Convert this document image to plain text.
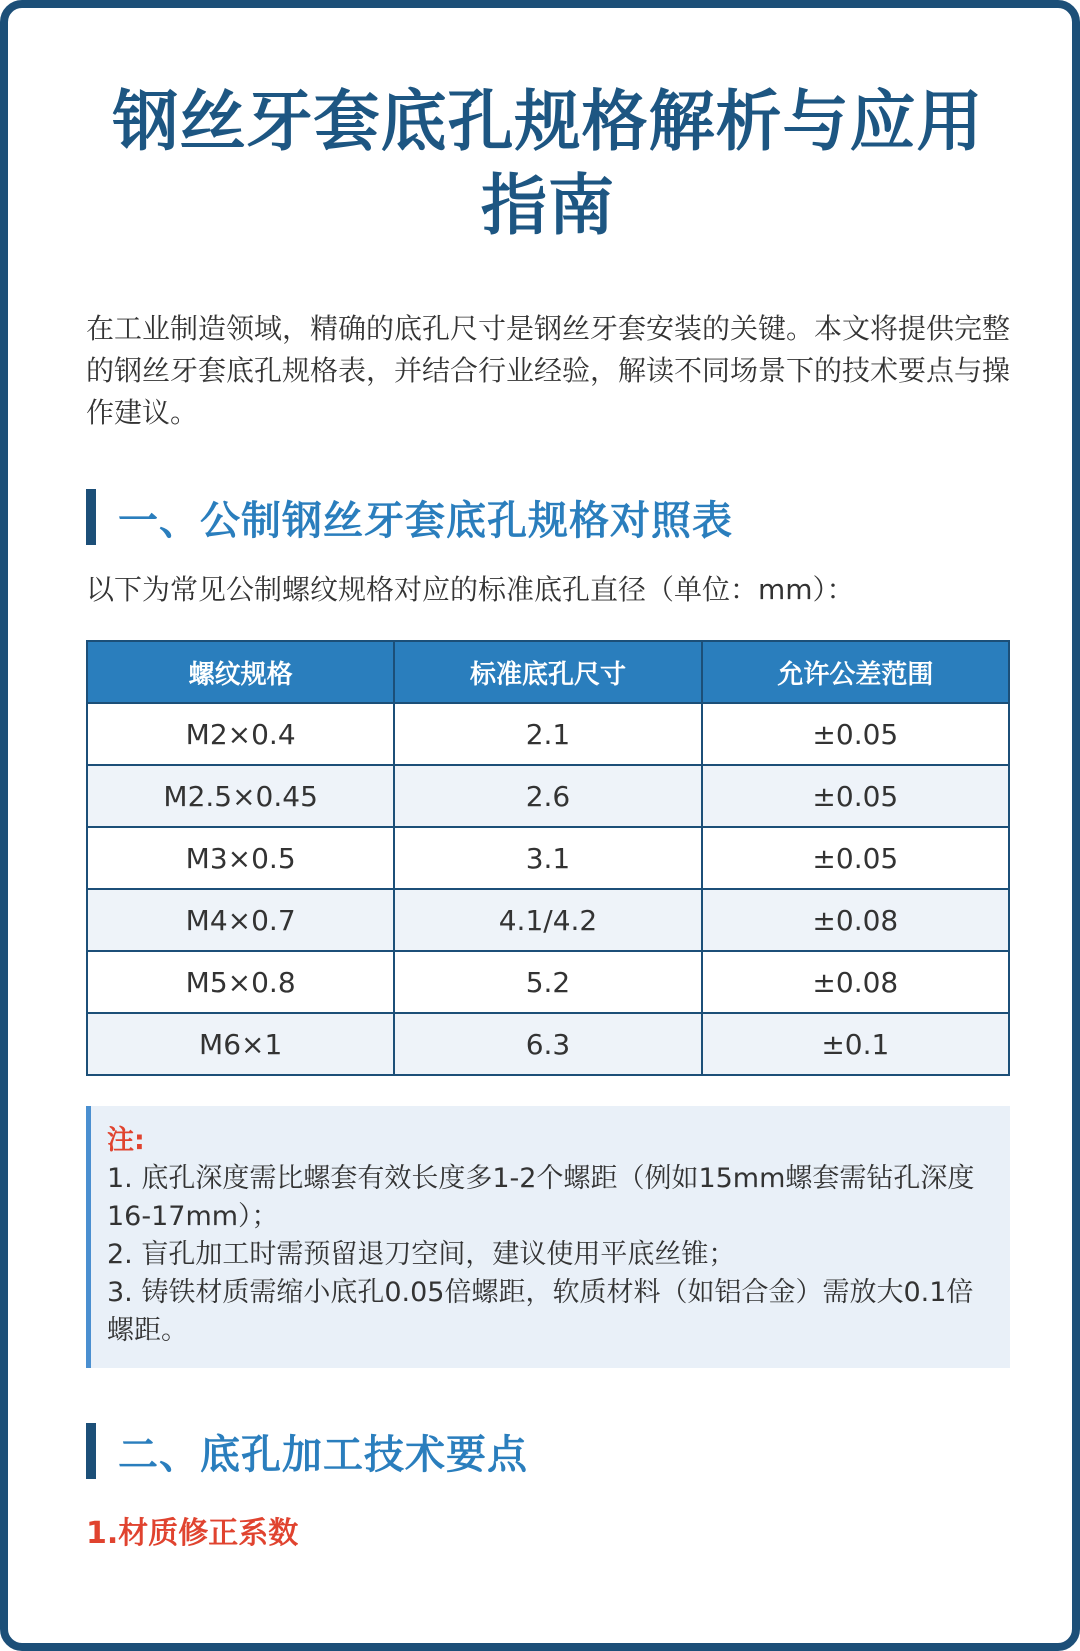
钢丝牙套底孔规格解析与应用指南

在工业制造领域，精确的底孔尺寸是钢丝牙套安装的关键。本文将提供完整的钢丝牙套底孔规格表，并结合行业经验，解读不同场景下的技术要点与操作建议。

一、公制钢丝牙套底孔规格对照表
以下为常见公制螺纹规格对应的标准底孔直径（单位：mm）：
螺纹规格	标准底孔尺寸	允许公差范围
M2×0.4	2.1	±0.05
M2.5×0.45	2.6	±0.05
M3×0.5	3.1	±0.05
M4×0.7	4.1/4.2	±0.08
M5×0.8	5.2	±0.08
M6×1	6.3	±0.1
注:
1. 底孔深度需比螺套有效长度多1-2个螺距（例如15mm螺套需钻孔深度16-17mm）；
2. 盲孔加工时需预留退刀空间，建议使用平底丝锥；
3. 铸铁材质需缩小底孔0.05倍螺距，软质材料（如铝合金）需放大0.1倍螺距。
二、底孔加工技术要点
1.材质修正系数
